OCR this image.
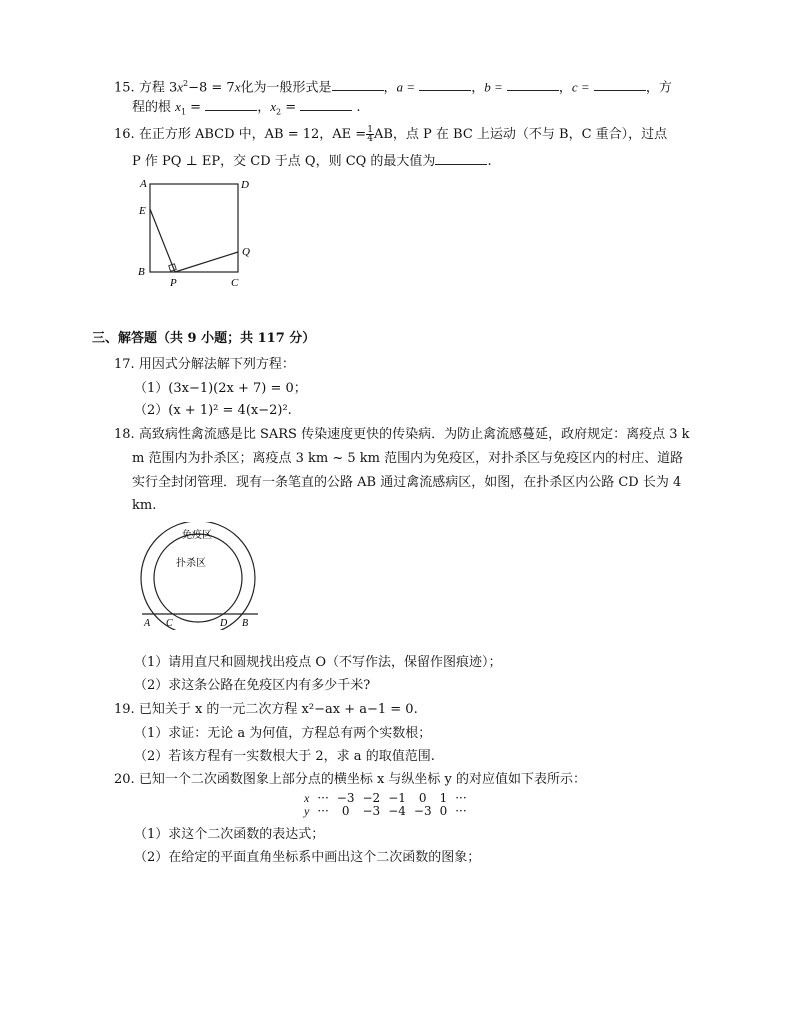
15. 方程 $3x^2-8 = 7x$化为一般形式是	，a =	，b =	，c =	，方
程的根 $x_1$ =	，$x_2$ =	.
16. 在正方形 ABCD 中，AB = 12，AE = $\frac{1}{4}$ AB，点 P 在 BC 上运动（不与 B，C 重合），过点
P 作 PQ ⊥ EP，交 CD 于点 Q，则 CQ 的最大值为	.
A	D
E
B
P	C
Q
三、解答题（共 9 小题；共 117 分）
17. 用因式分解法解下列方程：
（1）(3x−1)(2x + 7) = 0；
（2）(x + 1)² = 4(x−2)².
18. 高致病性禽流感是比 SARS 传染速度更快的传染病．为防止禽流感蔓延，政府规定：离疫点 3 k
m 范围内为扑杀区；离疫点 3 km ~ 5 km 范围内为免疫区，对扑杀区与免疫区内的村庄、道路
实行全封闭管理．现有一条笔直的公路 AB 通过禽流感病区，如图，在扑杀区内公路 CD 长为 4
km.
免疫区
扑杀区
A C	D B
（1）请用直尺和圆规找出疫点 O（不写作法，保留作图痕迹）；
（2）求这条公路在免疫区内有多少千米?
19. 已知关于 x 的一元二次方程 x²−ax + a−1 = 0.
（1）求证：无论 a 为何值，方程总有两个实数根；
（2）若该方程有一实数根大于 2，求 a 的取值范围.
20. 已知一个二次函数图象上部分点的横坐标 x 与纵坐标 y 的对应值如下表所示：
x	···	−3	−2	−1	0	1	···
y	···	0	−3	−4	−3	0	···
（1）求这个二次函数的表达式；
（2）在给定的平面直角坐标系中画出这个二次函数的图象；
